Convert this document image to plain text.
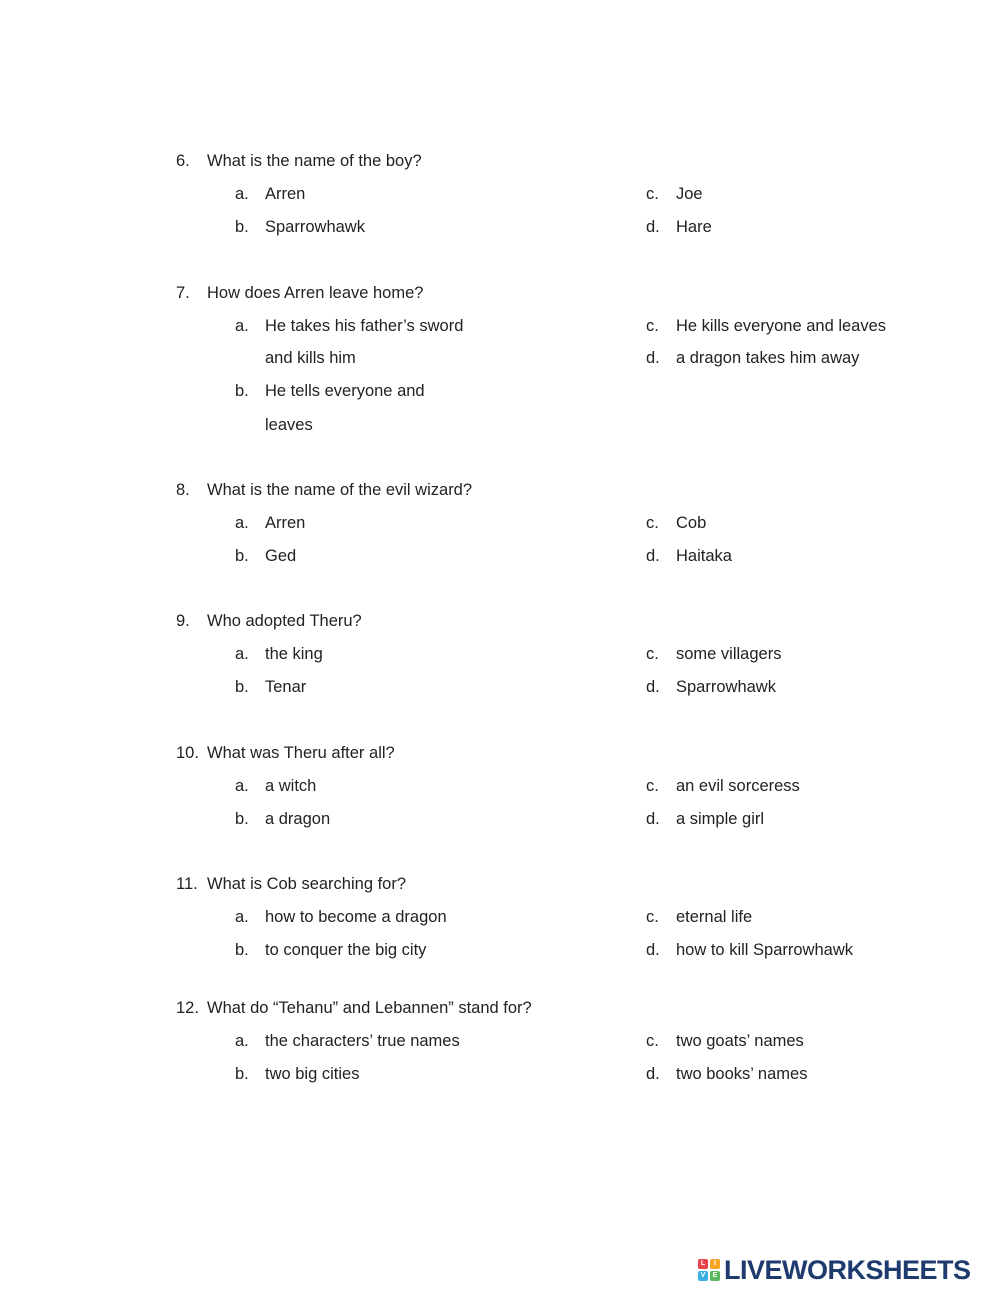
6. What is the name of the boy?
a. Arren
b. Sparrowhawk
c. Joe
d. Hare
7. How does Arren leave home?
a. He takes his father’s sword
and kills him
b. He tells everyone and
leaves
c. He kills everyone and leaves
d. a dragon takes him away
8. What is the name of the evil wizard?
a. Arren
b. Ged
c. Cob
d. Haitaka
9. Who adopted Theru?
a. the king
b. Tenar
c. some villagers
d. Sparrowhawk
10. What was Theru after all?
a. a witch
b. a dragon
c. an evil sorceress
d. a simple girl
11. What is Cob searching for?
a. how to become a dragon
b. to conquer the big city
c. eternal life
d. how to kill Sparrowhawk
12. What do “Tehanu” and Lebannen” stand for?
a. the characters’ true names
b. two big cities
c. two goats’ names
d. two books’ names
L	I
V	E LIVEWORKSHEETS
